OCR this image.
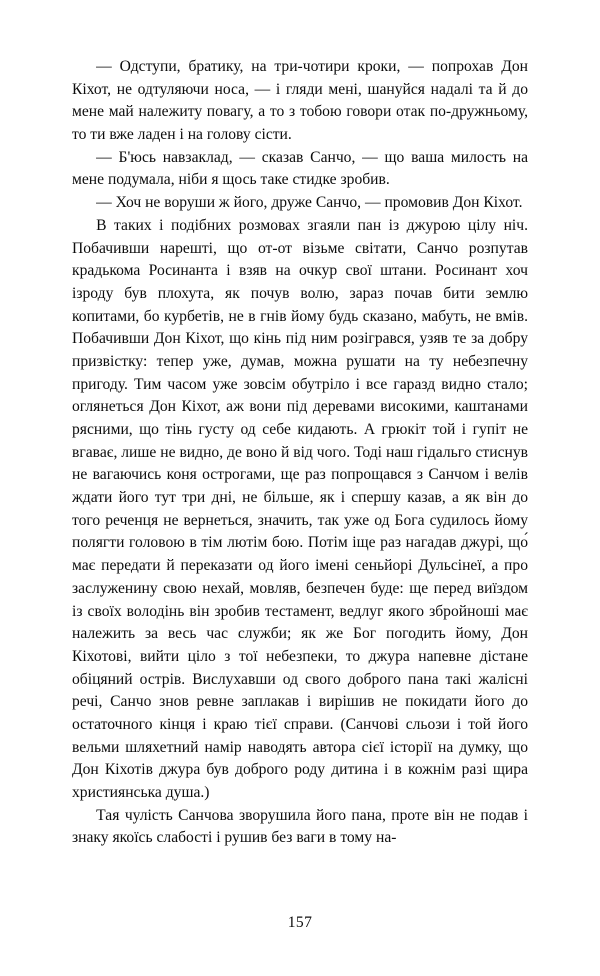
— Одступи, братику, на три-чотири кроки, — попрохав Дон Кіхот, не одтуляючи носа, — і гляди мені, шануйся надалі та й до мене май належиту повагу, а то з тобою говори отак по-дружньому, то ти вже ладен і на голову сісти.

— Б'юсь навзаклад, — сказав Санчо, — що ваша милость на мене подумала, ніби я щось таке стидке зробив.

— Хоч не воруши ж його, друже Санчо, — промовив Дон Кіхот.

В таких і подібних розмовах згаяли пан із джурою цілу ніч. Побачивши нарешті, що от-от візьме світати, Санчо розпутав крадькома Росинанта і взяв на очкур свої штани. Росинант хоч ізроду був плохута, як почув волю, зараз почав бити землю копитами, бо курбетів, не в гнів йому будь сказано, мабуть, не вмів. Побачивши Дон Кіхот, що кінь під ним розігрався, узяв те за добру призвістку: тепер уже, думав, можна рушати на ту небезпечну пригоду. Тим часом уже зовсім обутріло і все гаразд видно стало; оглянеться Дон Кіхот, аж вони під деревами високими, каштанами рясними, що тінь густу од себе кидають. А грюкіт той і гупіт не вгаває, лише не видно, де воно й від чого. Тоді наш гідальго стиснув не вагаючись коня острогами, ще раз попрощався з Санчом і велів ждати його тут три дні, не більше, як і спершу казав, а як він до того реченця не вернеться, значить, так уже од Бога судилось йому полягти головою в тім лютім бою. Потім іще раз нагадав джурі, що́ має передати й переказати од його імені сеньйорі Дульсінеї, а про заслуженину свою нехай, мовляв, безпечен буде: ще перед виїздом із своїх володінь він зробив тестамент, ведлуг якого збройноші має належить за весь час служби; як же Бог погодить йому, Дон Кіхотові, вийти ціло з тої небезпеки, то джура напевне дістане обіцяний острів. Вислухавши од свого доброго пана такі жалісні речі, Санчо знов ревне заплакав і вирішив не покидати його до остаточного кінця і краю тієї справи. (Санчові сльози і той його вельми шляхетний намір наводять автора сієї історії на думку, що Дон Кіхотів джура був доброго роду дитина і в кожнім разі щира християнська душа.)

Тая чулість Санчова зворушила його пана, проте він не подав і знаку якоїсь слабості і рушив без ваги в тому на-

157
